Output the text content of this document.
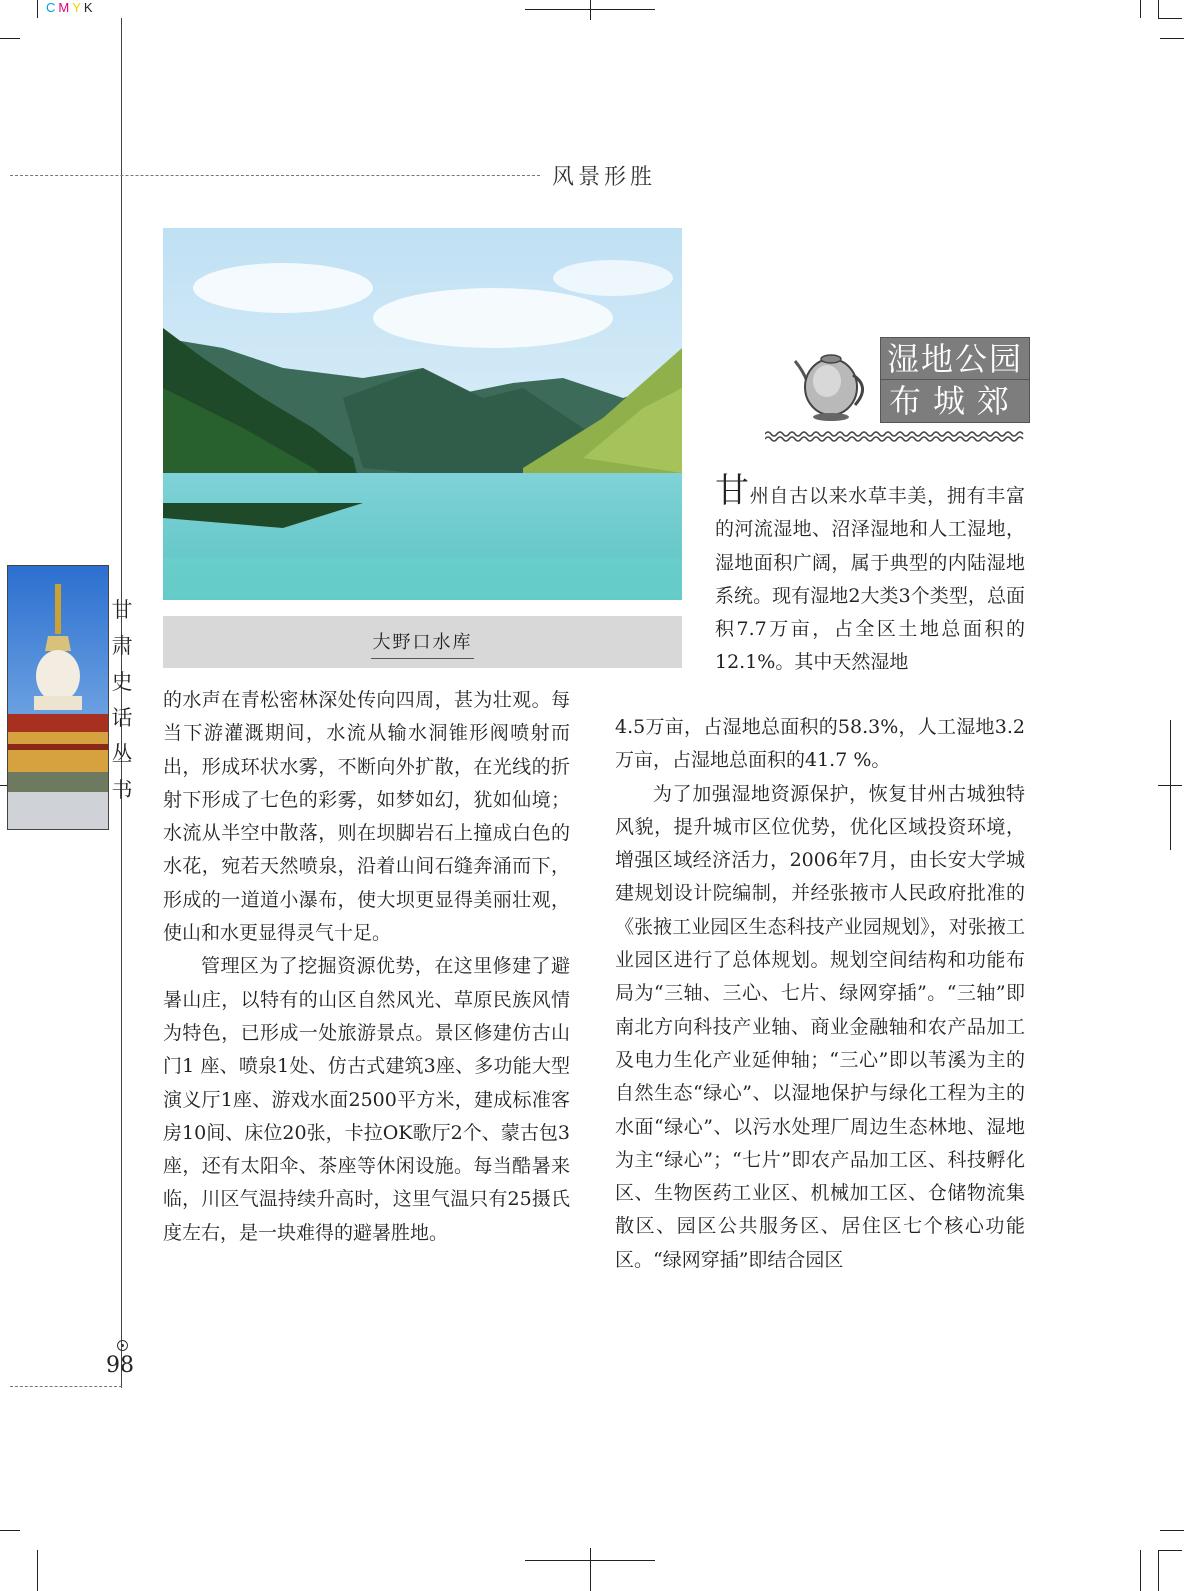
CMYK
风景形胜
大野口水库
甘
肃
史
话
丛
书
98
湿地公园
布城郊

的水声在青松密林深处传向四周，甚为壮观。每当下游灌溉期间，水流从输水洞锥形阀喷射而出，形成环状水雾，不断向外扩散，在光线的折射下形成了七色的彩雾，如梦如幻，犹如仙境；水流从半空中散落，则在坝脚岩石上撞成白色的水花，宛若天然喷泉，沿着山间石缝奔涌而下，形成的一道道小瀑布，使大坝更显得美丽壮观，使山和水更显得灵气十足。

管理区为了挖掘资源优势，在这里修建了避暑山庄，以特有的山区自然风光、草原民族风情为特色，已形成一处旅游景点。景区修建仿古山门1 座、喷泉1处、仿古式建筑3座、多功能大型演义厅1座、游戏水面2500平方米，建成标准客房10间、床位20张，卡拉OK歌厅2个、蒙古包3座，还有太阳伞、茶座等休闲设施。每当酷暑来临，川区气温持续升高时，这里气温只有25摄氏度左右，是一块难得的避暑胜地。

甘州自古以来水草丰美，拥有丰富的河流湿地、沼泽湿地和人工湿地，湿地面积广阔，属于典型的内陆湿地系统。现有湿地2大类3个类型，总面积7.7万亩，占全区土地总面积的12.1%。其中天然湿地

4.5万亩，占湿地总面积的58.3%，人工湿地3.2万亩，占湿地总面积的41.7 %。

为了加强湿地资源保护，恢复甘州古城独特风貌，提升城市区位优势，优化区域投资环境，增强区域经济活力，2006年7月，由长安大学城建规划设计院编制，并经张掖市人民政府批准的《张掖工业园区生态科技产业园规划》，对张掖工业园区进行了总体规划。规划空间结构和功能布局为“三轴、三心、七片、绿网穿插”。“三轴”即南北方向科技产业轴、商业金融轴和农产品加工及电力生化产业延伸轴；“三心”即以苇溪为主的自然生态“绿心”、以湿地保护与绿化工程为主的水面“绿心”、以污水处理厂周边生态林地、湿地为主“绿心”；“七片”即农产品加工区、科技孵化区、生物医药工业区、机械加工区、仓储物流集散区、园区公共服务区、居住区七个核心功能区。“绿网穿插”即结合园区
